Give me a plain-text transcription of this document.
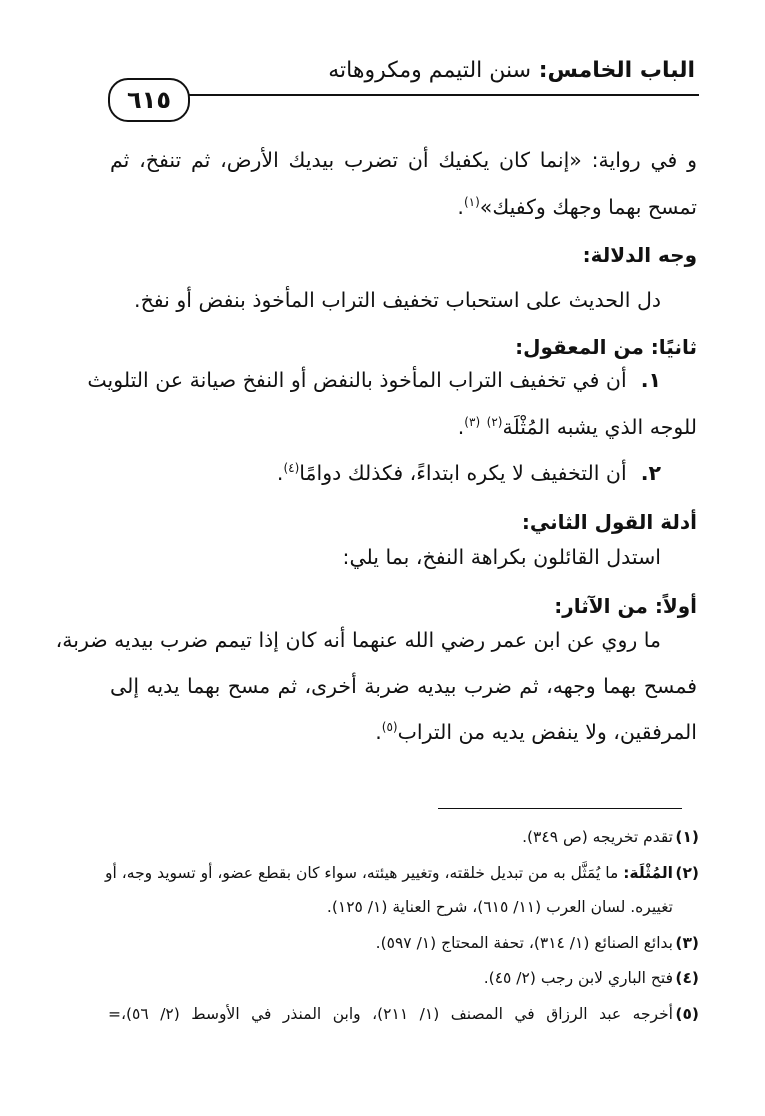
الباب الخامس: سنن التيمم ومكروهاته
٦١٥
و في رواية: «إنما كان يكفيك أن تضرب بيديك الأرض، ثم تنفخ، ثم
تمسح بهما وجهك وكفيك»$^{(١)}$.
وجه الدلالة:
دل الحديث على استحباب تخفيف التراب المأخوذ بنفض أو نفخ.
ثانيًا: من المعقول:
١.أن في تخفيف التراب المأخوذ بالنفض أو النفخ صيانة عن التلويث
للوجه الذي يشبه المُثْلَة$^{(٢)}$ $^{(٣)}$.
٢.أن التخفيف لا يكره ابتداءً، فكذلك دوامًا$^{(٤)}$.
أدلة القول الثاني:
استدل القائلون بكراهة النفخ، بما يلي:
أولاً: من الآثار:
ما روي عن ابن عمر رضي الله عنهما أنه كان إذا تيمم ضرب بيديه ضربة،
فمسح بهما وجهه، ثم ضرب بيديه ضربة أخرى، ثم مسح بهما يديه إلى
المرفقين، ولا ينفض يديه من التراب$^{(٥)}$.
(١)تقدم تخريجه (ص ٣٤٩).
(٢)المُثْلَة: ما يُمَثَّل به من تبديل خلقته، وتغيير هيئته، سواء كان بقطع عضو، أو تسويد وجه، أو
تغييره. لسان العرب (١١/ ٦١٥)، شرح العناية (١/ ١٢٥).
(٣)بدائع الصنائع (١/ ٣١٤)، تحفة المحتاج (١/ ٥٩٧).
(٤)فتح الباري لابن رجب (٢/ ٤٥).
(٥)أخرجه عبد الرزاق في المصنف (١/ ٢١١)، وابن المنذر في الأوسط (٢/ ٥٦)،=
